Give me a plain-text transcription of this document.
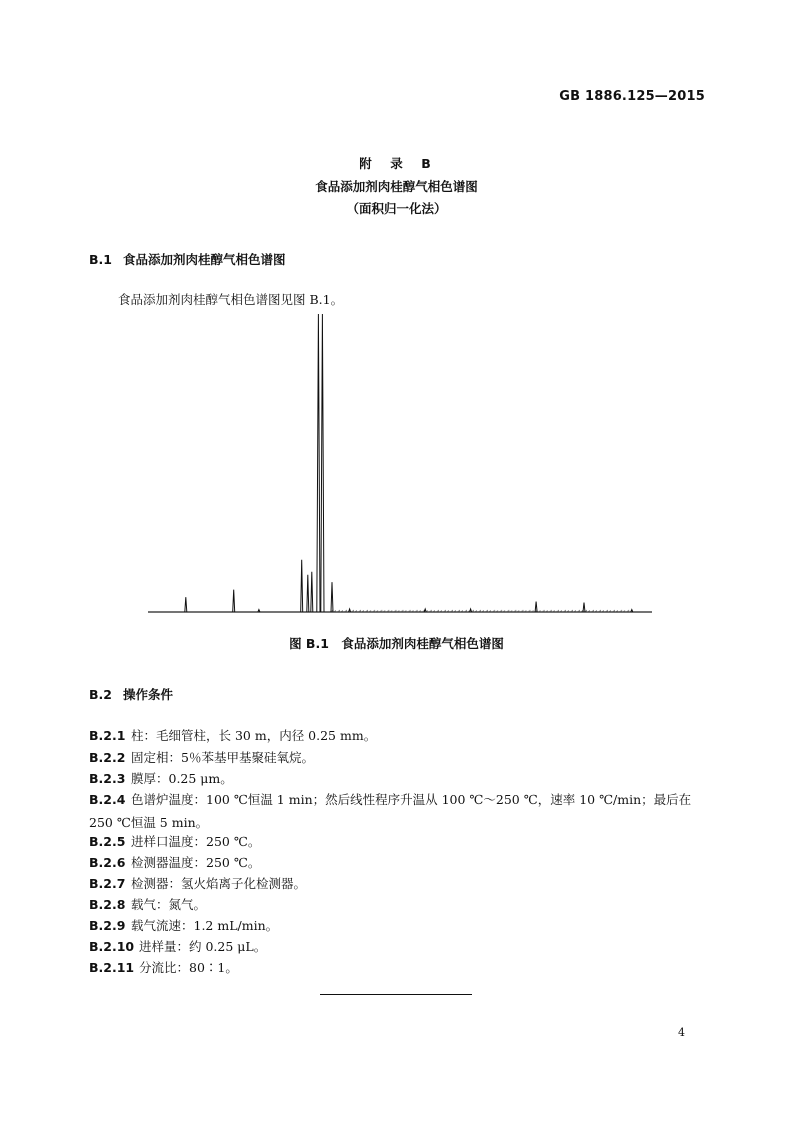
GB 1886.125—2015
附　录　B
食品添加剂肉桂醇气相色谱图
（面积归一化法）
B.1 食品添加剂肉桂醇气相色谱图
食品添加剂肉桂醇气相色谱图见图 B.1。
图 B.1　食品添加剂肉桂醇气相色谱图
B.2 操作条件
B.2.1 柱：毛细管柱，长 30 m，内径 0.25 mm。
B.2.2 固定相：5％苯基甲基聚硅氧烷。
B.2.3 膜厚：0.25 μm。
B.2.4 色谱炉温度：100 ℃恒温 1 min；然后线性程序升温从 100 ℃～250 ℃，速率 10 ℃/min；最后在
250 ℃恒温 5 min。
B.2.5 进样口温度：250 ℃。
B.2.6 检测器温度：250 ℃。
B.2.7 检测器：氢火焰离子化检测器。
B.2.8 载气：氮气。
B.2.9 载气流速：1.2 mL/min。
B.2.10 进样量：约 0.25 μL。
B.2.11 分流比：80∶1。
4
